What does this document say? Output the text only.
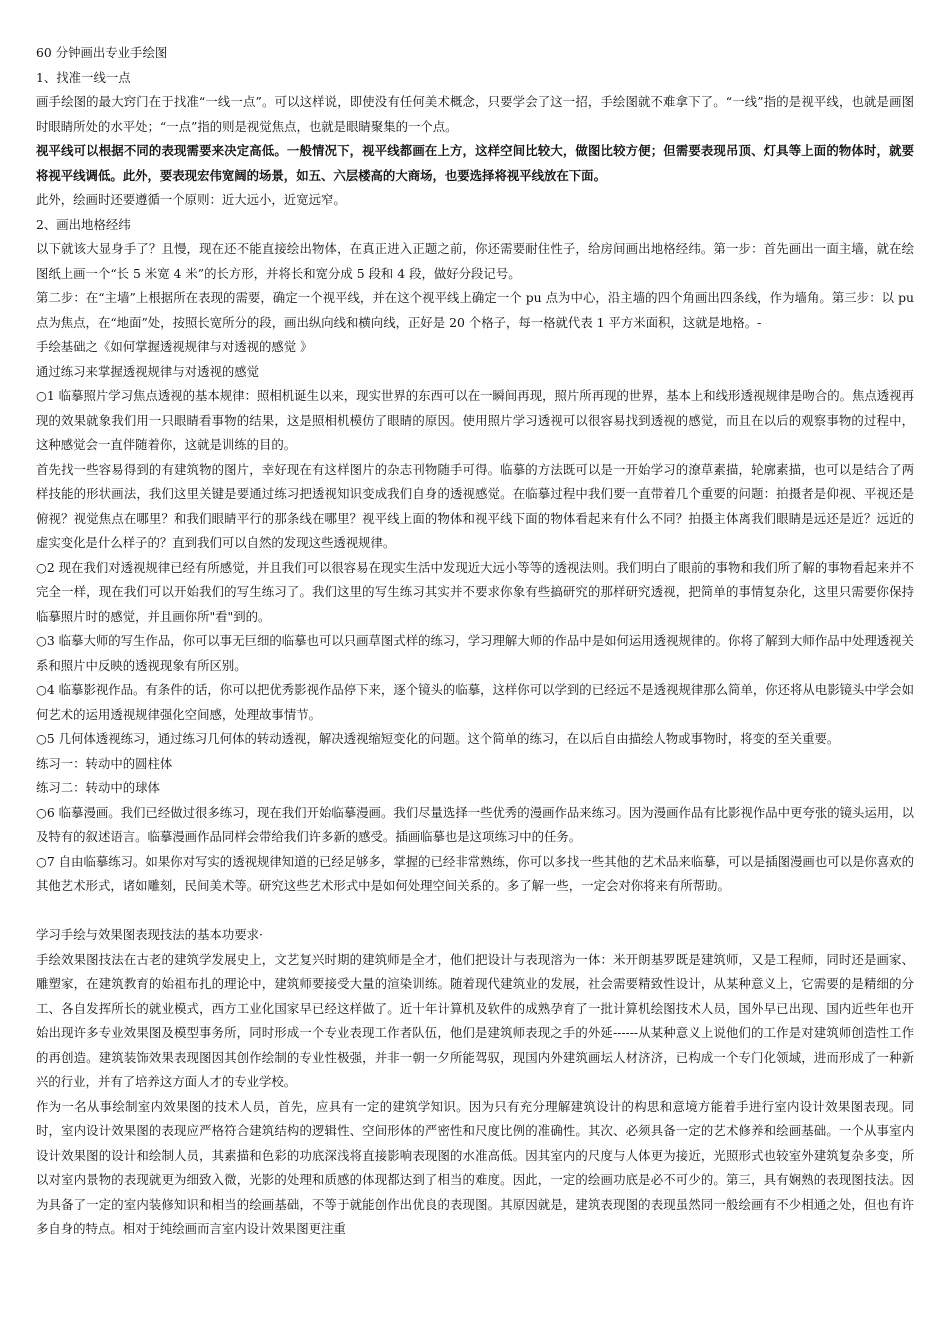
60 分钟画出专业手绘图

1、找准一线一点

画手绘图的最大窍门在于找准“一线一点”。可以这样说，即使没有任何美术概念，只要学会了这一招，手绘图就不难拿下了。“一线”指的是视平线，也就是画图时眼睛所处的水平处；“一点”指的则是视觉焦点，也就是眼睛聚集的一个点。

视平线可以根据不同的表现需要来决定高低。一般情况下，视平线都画在上方，这样空间比较大，做图比较方便；但需要表现吊顶、灯具等上面的物体时，就要将视平线调低。此外，要表现宏伟宽阔的场景，如五、六层楼高的大商场，也要选择将视平线放在下面。

此外，绘画时还要遵循一个原则：近大远小，近宽远窄。

2、画出地格经纬

以下就该大显身手了？且慢，现在还不能直接绘出物体，在真正进入正题之前，你还需要耐住性子，给房间画出地格经纬。第一步：首先画出一面主墙，就在绘图纸上画一个“长 5 米宽 4 米”的长方形，并将长和宽分成 5 段和 4 段，做好分段记号。

第二步：在“主墙”上根据所在表现的需要，确定一个视平线，并在这个视平线上确定一个 pu 点为中心，沿主墙的四个角画出四条线，作为墙角。第三步：以 pu 点为焦点，在“地面”处，按照长宽所分的段，画出纵向线和横向线，正好是 20 个格子，每一格就代表 1 平方米面积，这就是地格。-

手绘基础之《如何掌握透视规律与对透视的感觉 》

通过练习来掌握透视规律与对透视的感觉

○1 临摹照片学习焦点透视的基本规律：照相机诞生以来，现实世界的东西可以在一瞬间再现，照片所再现的世界，基本上和线形透视规律是吻合的。焦点透视再现的效果就象我们用一只眼睛看事物的结果，这是照相机模仿了眼睛的原因。使用照片学习透视可以很容易找到透视的感觉，而且在以后的观察事物的过程中，这种感觉会一直伴随着你，这就是训练的目的。

首先找一些容易得到的有建筑物的图片，幸好现在有这样图片的杂志刊物随手可得。临摹的方法既可以是一开始学习的潦草素描，轮廓素描，也可以是结合了两样技能的形状画法，我们这里关键是要通过练习把透视知识变成我们自身的透视感觉。在临摹过程中我们要一直带着几个重要的问题：拍摄者是仰视、平视还是俯视？视觉焦点在哪里？和我们眼睛平行的那条线在哪里？视平线上面的物体和视平线下面的物体看起来有什么不同？拍摄主体离我们眼睛是远还是近？远近的虚实变化是什么样子的？直到我们可以自然的发现这些透视规律。

○2 现在我们对透视规律已经有所感觉，并且我们可以很容易在现实生活中发现近大远小等等的透视法则。我们明白了眼前的事物和我们所了解的事物看起来并不完全一样，现在我们可以开始我们的写生练习了。我们这里的写生练习其实并不要求你象有些搞研究的那样研究透视，把简单的事情复杂化，这里只需要你保持临摹照片时的感觉，并且画你所"看"到的。

○3 临摹大师的写生作品，你可以事无巨细的临摹也可以只画草图式样的练习，学习理解大师的作品中是如何运用透视规律的。你将了解到大师作品中处理透视关系和照片中反映的透视现象有所区别。

○4 临摹影视作品。有条件的话，你可以把优秀影视作品停下来，逐个镜头的临摹，这样你可以学到的已经远不是透视规律那么简单，你还将从电影镜头中学会如何艺术的运用透视规律强化空间感，处理故事情节。

○5 几何体透视练习，通过练习几何体的转动透视，解决透视缩短变化的问题。这个简单的练习，在以后自由描绘人物或事物时，将变的至关重要。

练习一：转动中的圆柱体

练习二：转动中的球体

○6 临摹漫画。我们已经做过很多练习，现在我们开始临摹漫画。我们尽量选择一些优秀的漫画作品来练习。因为漫画作品有比影视作品中更夸张的镜头运用，以及特有的叙述语言。临摹漫画作品同样会带给我们许多新的感受。插画临摹也是这项练习中的任务。

○7 自由临摹练习。如果你对写实的透视规律知道的已经足够多，掌握的已经非常熟练，你可以多找一些其他的艺术品来临摹，可以是插图漫画也可以是你喜欢的其他艺术形式，诸如雕刻，民间美术等。研究这些艺术形式中是如何处理空间关系的。多了解一些，一定会对你将来有所帮助。

学习手绘与效果图表现技法的基本功要求·

手绘效果图技法在古老的建筑学发展史上，文艺复兴时期的建筑师是全才，他们把设计与表现溶为一体：米开朗基罗既是建筑师，又是工程师，同时还是画家、雕塑家，在建筑教育的始祖布扎的理论中，建筑师要接受大量的渲染训练。随着现代建筑业的发展，社会需要精致性设计，从某种意义上，它需要的是精细的分工、各自发挥所长的就业模式，西方工业化国家早已经这样做了。近十年计算机及软件的成熟孕育了一批计算机绘图技术人员，国外早已出现、国内近些年也开始出现许多专业效果图及模型事务所，同时形成一个专业表现工作者队伍，他们是建筑师表现之手的外延------从某种意义上说他们的工作是对建筑师创造性工作的再创造。建筑装饰效果表现图因其创作绘制的专业性极强，并非一朝一夕所能驾驭，现国内外建筑画坛人材济济，已构成一个专门化领域，进而形成了一种新兴的行业，并有了培养这方面人才的专业学校。

作为一名从事绘制室内效果图的技术人员，首先，应具有一定的建筑学知识。因为只有充分理解建筑设计的构思和意境方能着手进行室内设计效果图表现。同时，室内设计效果图的表现应严格符合建筑结构的逻辑性、空间形体的严密性和尺度比例的准确性。其次、必须具备一定的艺术修养和绘画基础。一个从事室内设计效果图的设计和绘制人员，其素描和色彩的功底深浅将直接影响表现图的水准高低。因其室内的尺度与人体更为接近，光照形式也较室外建筑复杂多变，所以对室内景物的表现就更为细致入微，光影的处理和质感的体现都达到了相当的难度。因此，一定的绘画功底是必不可少的。第三，具有娴熟的表现图技法。因为具备了一定的室内装修知识和相当的绘画基础，不等于就能创作出优良的表现图。其原因就是，建筑表现图的表现虽然同一般绘画有不少相通之处，但也有许多自身的特点。相对于纯绘画而言室内设计效果图更注重
